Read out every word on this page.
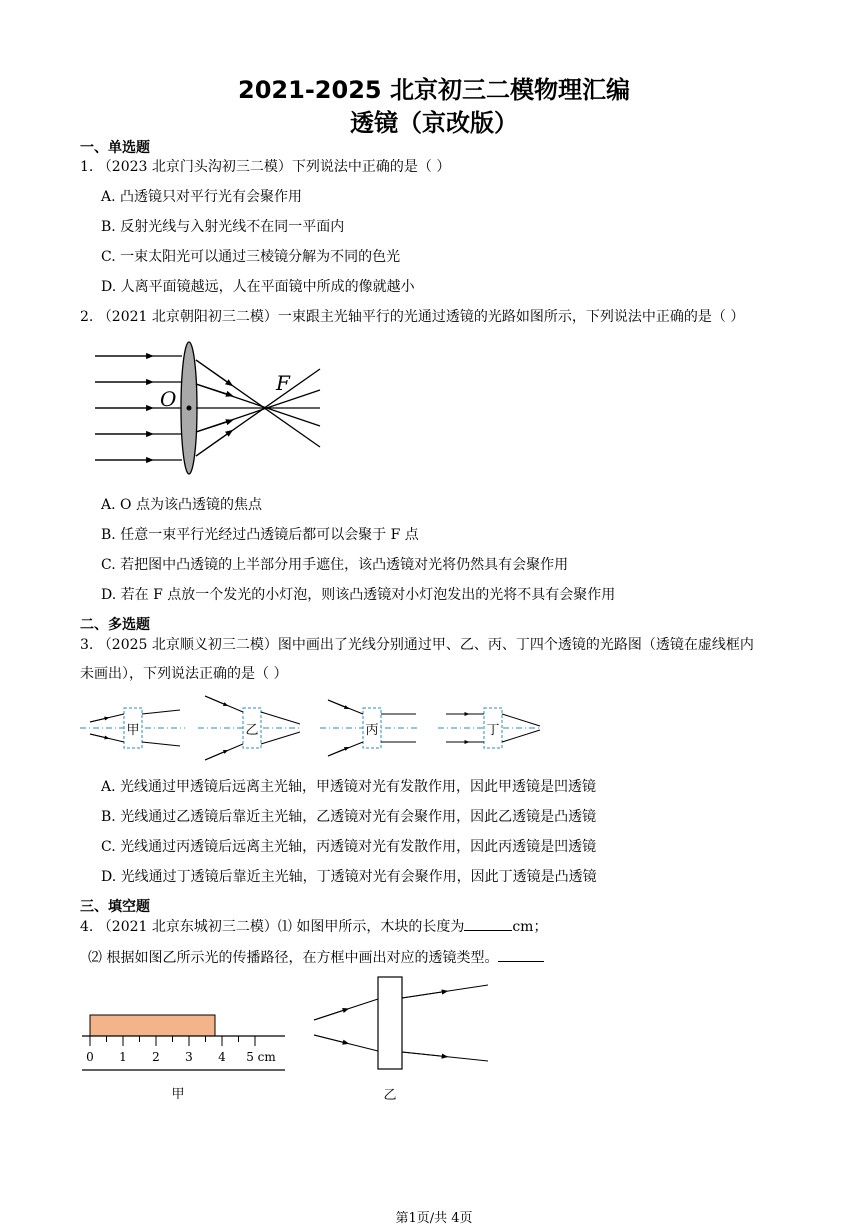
2021-2025 北京初三二模物理汇编
透镜（京改版）
一、单选题
1. （2023 北京门头沟初三二模）下列说法中正确的是（ ）
A. 凸透镜只对平行光有会聚作用
B. 反射光线与入射光线不在同一平面内
C. 一束太阳光可以通过三棱镜分解为不同的色光
D. 人离平面镜越远，人在平面镜中所成的像就越小
2. （2021 北京朝阳初三二模）一束跟主光轴平行的光通过透镜的光路如图所示，下列说法中正确的是（ ）
O
F
A. O 点为该凸透镜的焦点
B. 任意一束平行光经过凸透镜后都可以会聚于 F 点
C. 若把图中凸透镜的上半部分用手遮住，该凸透镜对光将仍然具有会聚作用
D. 若在 F 点放一个发光的小灯泡，则该凸透镜对小灯泡发出的光将不具有会聚作用
二、多选题
3. （2025 北京顺义初三二模）图中画出了光线分别通过甲、乙、丙、丁四个透镜的光路图（透镜在虚线框内
未画出），下列说法正确的是（ ）
甲	乙	丙	丁
A. 光线通过甲透镜后远离主光轴，甲透镜对光有发散作用，因此甲透镜是凹透镜
B. 光线通过乙透镜后靠近主光轴，乙透镜对光有会聚作用，因此乙透镜是凸透镜
C. 光线通过丙透镜后远离主光轴，丙透镜对光有发散作用，因此丙透镜是凹透镜
D. 光线通过丁透镜后靠近主光轴，丁透镜对光有会聚作用，因此丁透镜是凸透镜
三、填空题
4. （2021 北京东城初三二模）⑴ 如图甲所示，木块的长度为	cm；
⑵ 根据如图乙所示光的传播路径，在方框中画出对应的透镜类型。
0 1 2 3 4 5 cm
甲	乙
第1页/共 4页
